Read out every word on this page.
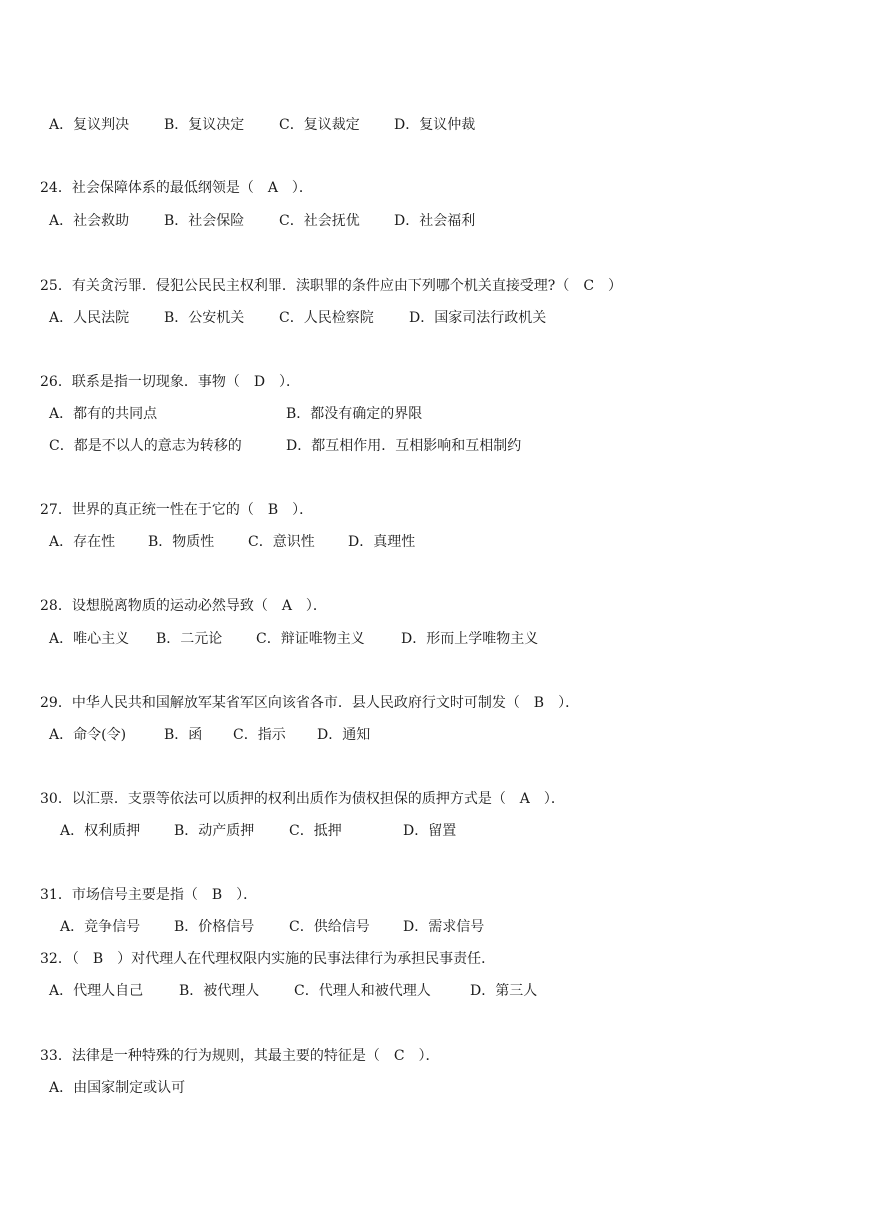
A．复议判决 B．复议决定 C．复议裁定 D．复议仲裁
24．社会保障体系的最低纲领是（　A　）．
A．社会救助 B．社会保险 C．社会抚优 D．社会福利
25．有关贪污罪．侵犯公民民主权利罪．渎职罪的条件应由下列哪个机关直接受理?（　C　）
A．人民法院 B．公安机关 C．人民检察院	D．国家司法行政机关
26．联系是指一切现象．事物（　D　）．
A．都有的共同点	B．都没有确定的界限
C．都是不以人的意志为转移的	D．都互相作用．互相影响和互相制约
27．世界的真正统一性在于它的（　B　）．
A．存在性 B．物质性 C．意识性 D．真理性
28．设想脱离物质的运动必然导致（　A　）．
A．唯心主义 B．二元论 C．辩证唯物主义	D．形而上学唯物主义
29．中华人民共和国解放军某省军区向该省各市．县人民政府行文时可制发（　B　）．
A．命令(令)	B．函 C．指示 D．通知
30．以汇票．支票等依法可以质押的权利出质作为债权担保的质押方式是（　A　）．
A．权利质押 B．动产质押 C．抵押	D．留置
31．市场信号主要是指（　B　）．
A．竞争信号 B．价格信号 C．供给信号 D．需求信号
32．（　B　）对代理人在代理权限内实施的民事法律行为承担民事责任．
A．代理人自己	B．被代理人 C．代理人和被代理人	D．第三人
33．法律是一种特殊的行为规则，其最主要的特征是（　C　）．
A．由国家制定或认可
